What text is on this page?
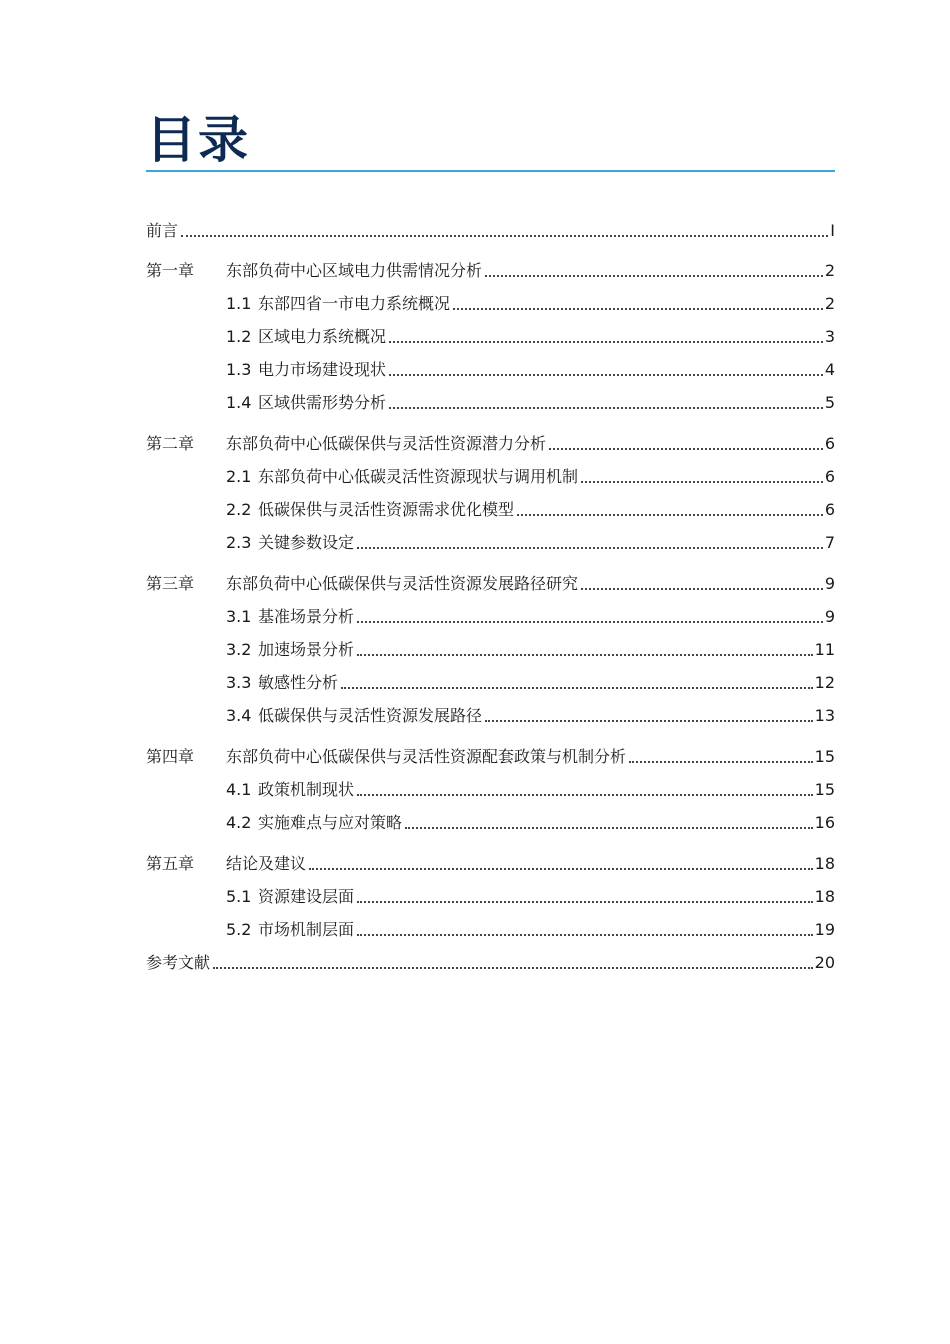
目录
前言	I
第一章	东部负荷中心区域电力供需情况分析	2
1.1 东部四省一市电力系统概况	2
1.2 区域电力系统概况	3
1.3 电力市场建设现状	4
1.4 区域供需形势分析	5
第二章	东部负荷中心低碳保供与灵活性资源潜力分析	6
2.1 东部负荷中心低碳灵活性资源现状与调用机制	6
2.2 低碳保供与灵活性资源需求优化模型	6
2.3 关键参数设定	7
第三章	东部负荷中心低碳保供与灵活性资源发展路径研究	9
3.1 基准场景分析	9
3.2 加速场景分析	11
3.3 敏感性分析	12
3.4 低碳保供与灵活性资源发展路径	13
第四章	东部负荷中心低碳保供与灵活性资源配套政策与机制分析	15
4.1 政策机制现状	15
4.2 实施难点与应对策略	16
第五章	结论及建议	18
5.1 资源建设层面	18
5.2 市场机制层面	19
参考文献	20
